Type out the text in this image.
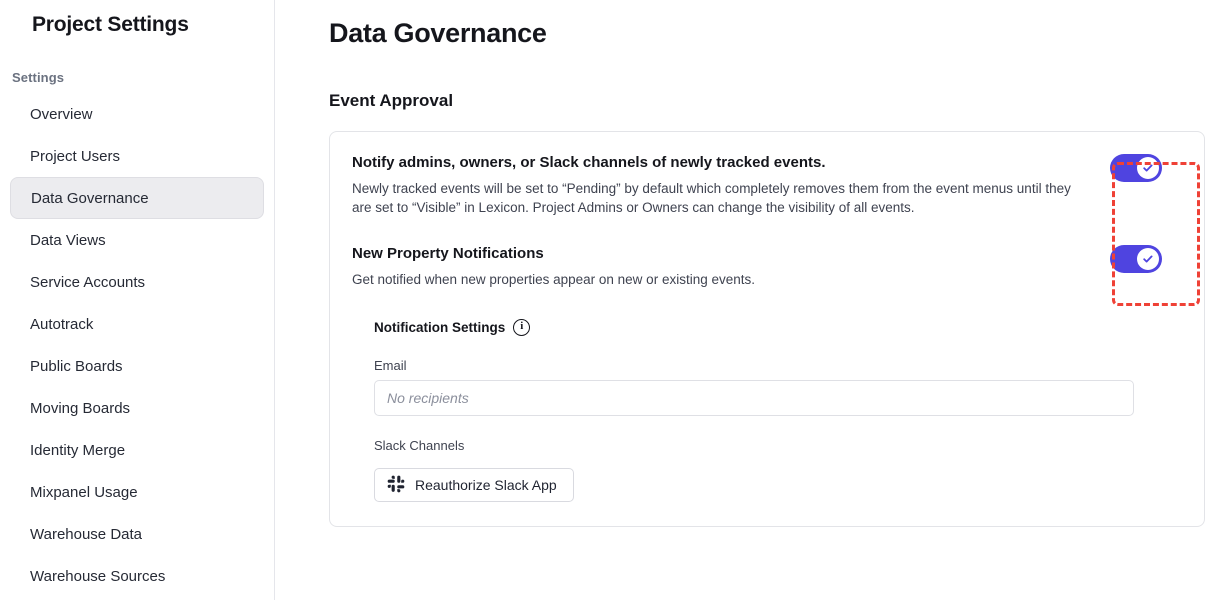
Project Settings
Settings
Overview
Project Users
Data Governance
Data Views
Service Accounts
Autotrack
Public Boards
Moving Boards
Identity Merge
Mixpanel Usage
Warehouse Data
Warehouse Sources
Data Governance
Event Approval
Notify admins, owners, or Slack channels of newly tracked events.
Newly tracked events will be set to “Pending” by default which completely removes them from the event menus until they are set to “Visible” in Lexicon. Project Admins or Owners can change the visibility of all events.
New Property Notifications
Get notified when new properties appear on new or existing events.
Notification Settings	i
Email
No recipients
Slack Channels
Reauthorize Slack App
